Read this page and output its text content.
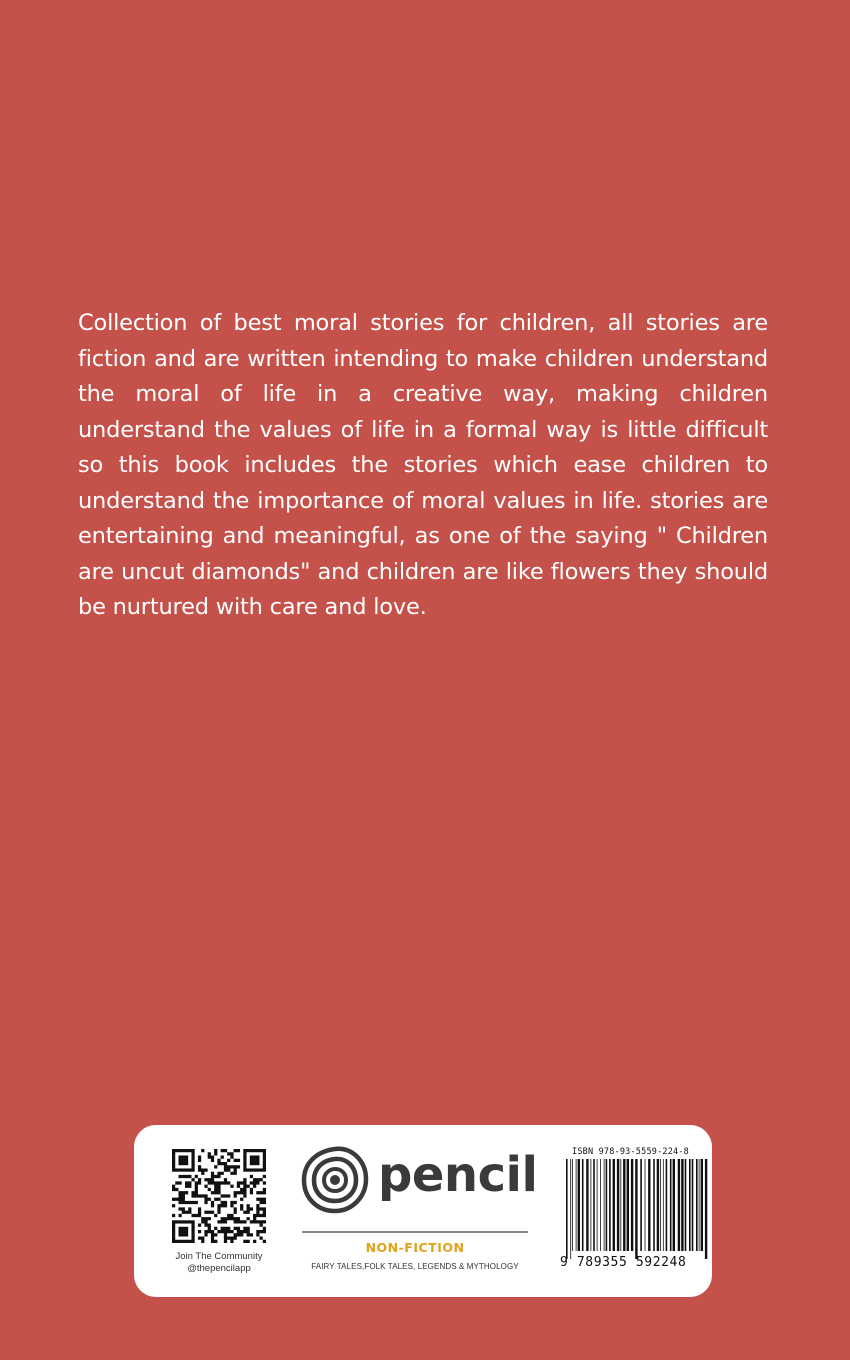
Collection of best moral stories for children, all stories are fiction and are written intending to make children understand the moral of life in a creative way, making children understand the values of life in a formal way is little difficult so this book includes the stories which ease children to understand the importance of moral values in life. stories are entertaining and meaningful, as one of the saying " Children are uncut diamonds" and children are like flowers they should be nurtured with care and love.

Join The Community
@thepencilapp
pencil
NON-FICTION
FAIRY TALES,FOLK TALES, LEGENDS & MYTHOLOGY
ISBN 978-93-5559-224-8
9 789355 592248
